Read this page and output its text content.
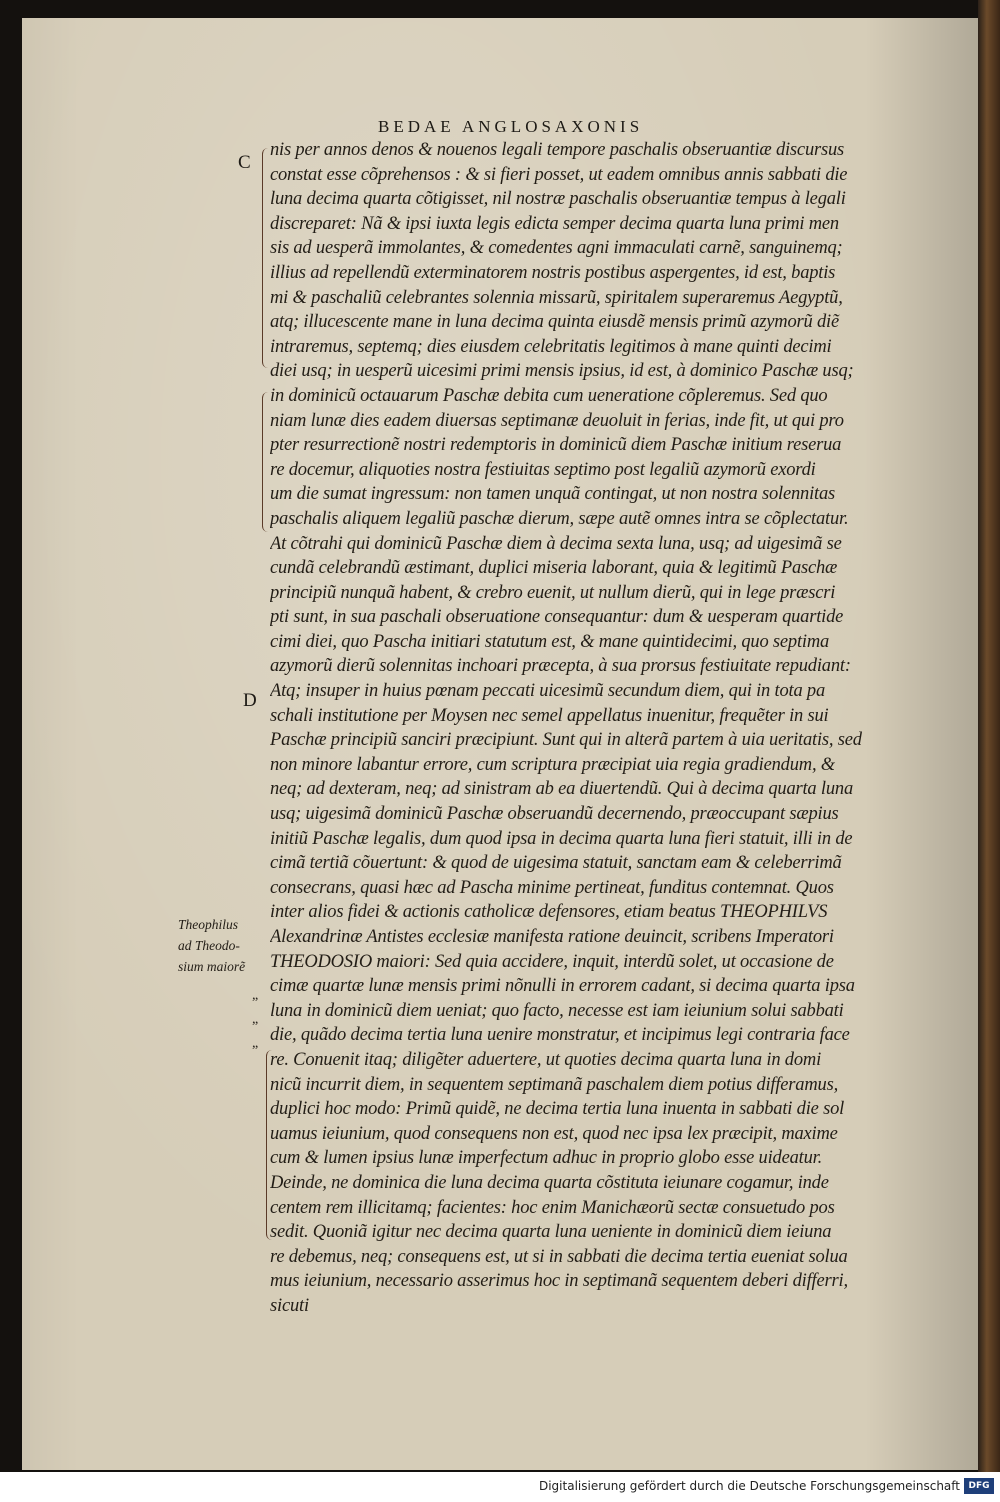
BEDAE ANGLOSAXONIS
C
D
nis per annos denos & nouenos legali tempore paschalis obseruantiæ discursus
constat esse cõprehensos : & si fieri posset, ut eadem omnibus annis sabbati die
luna decima quarta cõtigisset, nil nostræ paschalis obseruantiæ tempus à legali
discreparet: Nã & ipsi iuxta legis edicta semper decima quarta luna primi men
sis ad uesperã immolantes, & comedentes agni immaculati carnẽ, sanguinemq;
illius ad repellendũ exterminatorem nostris postibus aspergentes, id est, baptis
mi & paschaliũ celebrantes solennia missarũ, spiritalem superaremus Aegyptũ,
atq; illucescente mane in luna decima quinta eiusdẽ mensis primũ azymorũ diẽ
intraremus, septemq; dies eiusdem celebritatis legitimos à mane quinti decimi
diei usq; in uesperũ uicesimi primi mensis ipsius, id est, à dominico Paschæ usq;
in dominicũ octauarum Paschæ debita cum ueneratione cõpleremus. Sed quo
niam lunæ dies eadem diuersas septimanæ deuoluit in ferias, inde fit, ut qui pro
pter resurrectionẽ nostri redemptoris in dominicũ diem Paschæ initium reserua
re docemur, aliquoties nostra festiuitas septimo post legaliũ azymorũ exordi
um die sumat ingressum: non tamen unquã contingat, ut non nostra solennitas
paschalis aliquem legaliũ paschæ dierum, sæpe autẽ omnes intra se cõplectatur.
At cõtrahi qui dominicũ Paschæ diem à decima sexta luna, usq; ad uigesimã se
cundã celebrandũ æstimant, duplici miseria laborant, quia & legitimũ Paschæ
principiũ nunquã habent, & crebro euenit, ut nullum dierũ, qui in lege præscri
pti sunt, in sua paschali obseruatione consequantur: dum & uesperam quartide
cimi diei, quo Pascha initiari statutum est, & mane quintidecimi, quo septima
azymorũ dierũ solennitas inchoari præcepta, à sua prorsus festiuitate repudiant:
Atq; insuper in huius pœnam peccati uicesimũ secundum diem, qui in tota pa
schali institutione per Moysen nec semel appellatus inuenitur, frequẽter in sui
Paschæ principiũ sanciri præcipiunt. Sunt qui in alterã partem à uia ueritatis, sed
non minore labantur errore, cum scriptura præcipiat uia regia gradiendum, &
neq; ad dexteram, neq; ad sinistram ab ea diuertendũ. Qui à decima quarta luna
usq; uigesimã dominicũ Paschæ obseruandũ decernendo, præoccupant sæpius
initiũ Paschæ legalis, dum quod ipsa in decima quarta luna fieri statuit, illi in de
cimã tertiã cõuertunt: & quod de uigesima statuit, sanctam eam & celeberrimã
consecrans, quasi hæc ad Pascha minime pertineat, funditus contemnat. Quos
inter alios fidei & actionis catholicæ defensores, etiam beatus THEOPHILVS
Alexandrinæ Antistes ecclesiæ manifesta ratione deuincit, scribens Imperatori
THEODOSIO maiori: Sed quia accidere, inquit, interdũ solet, ut occasione de
cimæ quartæ lunæ mensis primi nõnulli in errorem cadant, si decima quarta ipsa
luna in dominicũ diem ueniat; quo facto, necesse est iam ieiunium solui sabbati
die, quãdo decima tertia luna uenire monstratur, et incipimus legi contraria face
re. Conuenit itaq; diligẽter aduertere, ut quoties decima quarta luna in domi
nicũ incurrit diem, in sequentem septimanã paschalem diem potius differamus,
duplici hoc modo: Primũ quidẽ, ne decima tertia luna inuenta in sabbati die sol
uamus ieiunium, quod consequens non est, quod nec ipsa lex præcipit, maxime
cum & lumen ipsius lunæ imperfectum adhuc in proprio globo esse uideatur.
Deinde, ne dominica die luna decima quarta cõstituta ieiunare cogamur, inde
centem rem illicitamq; facientes: hoc enim Manichæorũ sectæ consuetudo pos
sedit. Quoniã igitur nec decima quarta luna ueniente in dominicũ diem ieiuna
re debemus, neq; consequens est, ut si in sabbati die decima tertia eueniat solua
mus ieiunium, necessario asserimus hoc in septimanã sequentem deberi differri,
sicuti
Theophilus
ad Theodo-
sium maiorẽ
„
„
„
Digitalisierung gefördert durch die Deutsche Forschungsgemeinschaft DFG
